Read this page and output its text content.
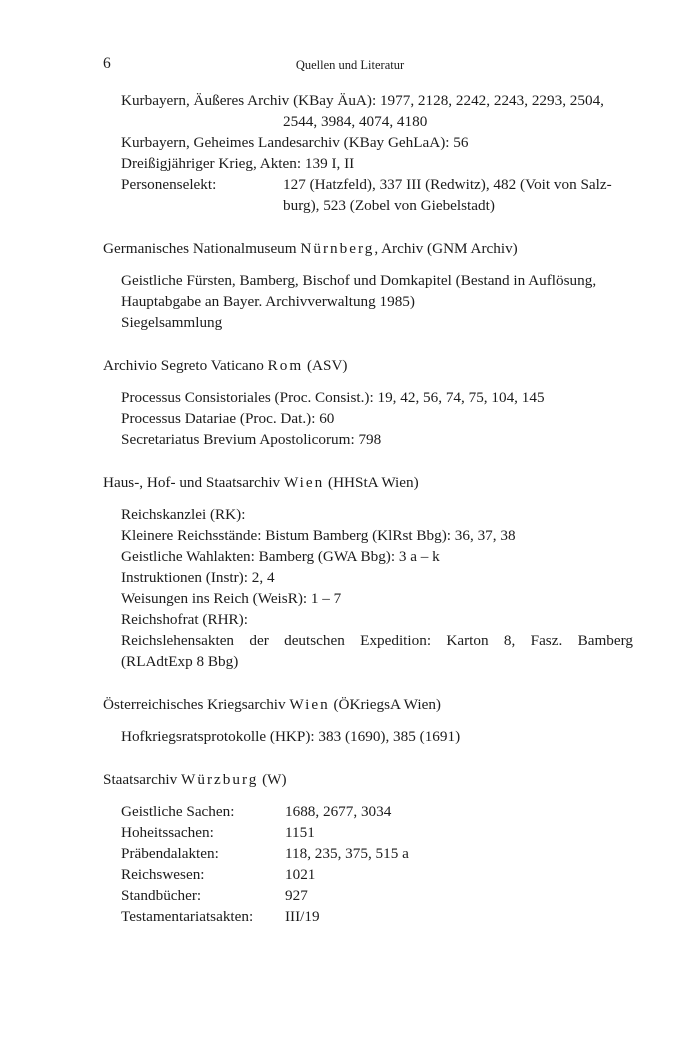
6	Quellen und Literatur
Kurbayern, Äußeres Archiv (KBay ÄuA): 1977, 2128, 2242, 2243, 2293, 2504,
2544, 3984, 4074, 4180
Kurbayern, Geheimes Landesarchiv (KBay GehLaA): 56
Dreißigjähriger Krieg, Akten: 139 I, II
Personenselekt:	127 (Hatzfeld), 337 III (Redwitz), 482 (Voit von Salz-
burg), 523 (Zobel von Giebelstadt)
Germanisches Nationalmuseum Nürnberg, Archiv (GNM Archiv)
Geistliche Fürsten, Bamberg, Bischof und Domkapitel (Bestand in Auflösung,
Hauptabgabe an Bayer. Archivverwaltung 1985)
Siegelsammlung
Archivio Segreto Vaticano Rom (ASV)
Processus Consistoriales (Proc. Consist.): 19, 42, 56, 74, 75, 104, 145
Processus Datariae (Proc. Dat.): 60
Secretariatus Brevium Apostolicorum: 798
Haus-, Hof- und Staatsarchiv Wien (HHStA Wien)
Reichskanzlei (RK):
Kleinere Reichsstände: Bistum Bamberg (KlRst Bbg): 36, 37, 38
Geistliche Wahlakten: Bamberg (GWA Bbg): 3 a – k
Instruktionen (Instr): 2, 4
Weisungen ins Reich (WeisR): 1 – 7
Reichshofrat (RHR):
Reichslehensakten der deutschen Expedition: Karton 8, Fasz. Bamberg
(RLAdtExp 8 Bbg)
Österreichisches Kriegsarchiv Wien (ÖKriegsA Wien)
Hofkriegsratsprotokolle (HKP): 383 (1690), 385 (1691)
Staatsarchiv Würzburg (W)
Geistliche Sachen:	1688, 2677, 3034
Hoheitssachen:	1151
Präbendalakten:	118, 235, 375, 515 a
Reichswesen:	1021
Standbücher:	927
Testamentariatsakten:	III/19
